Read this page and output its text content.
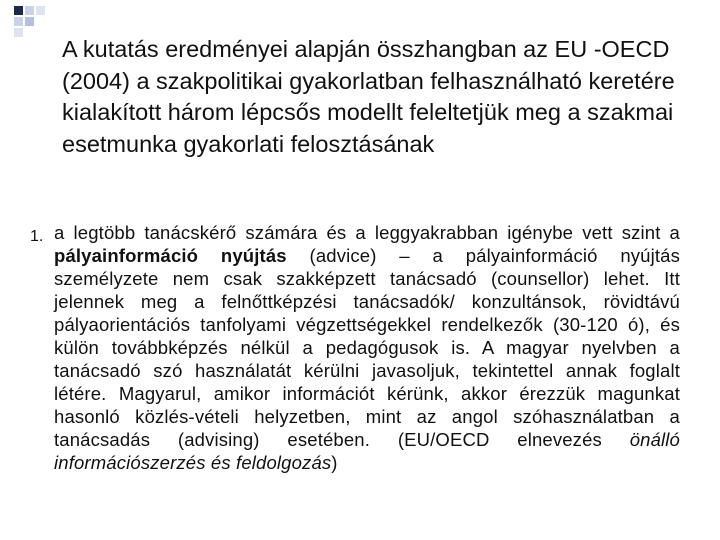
A kutatás eredményei alapján összhangban az EU -OECD (2004) a szakpolitikai gyakorlatban felhasználható keretére kialakított három lépcsős modellt feleltetjük meg a szakmai esetmunka gyakorlati felosztásának

1. a legtöbb tanácskérő számára és a leggyakrabban igénybe vett szint a pályainformáció nyújtás (advice) – a pályainformáció nyújtás személyzete nem csak szakképzett tanácsadó (counsellor) lehet. Itt jelennek meg a felnőttképzési tanácsadók/ konzultánsok, rövidtávú pályaorientációs tanfolyami végzettségekkel rendelkezők (30-120 ó), és külön továbbképzés nélkül a pedagógusok is. A magyar nyelvben a tanácsadó szó használatát kérülni javasoljuk, tekintettel annak foglalt létére. Magyarul, amikor információt kérünk, akkor érezzük magunkat hasonló közlés-vételi helyzetben, mint az angol szóhasználatban a tanácsadás (advising) esetében. (EU/OECD elnevezés önálló információszerzés és feldolgozás)
